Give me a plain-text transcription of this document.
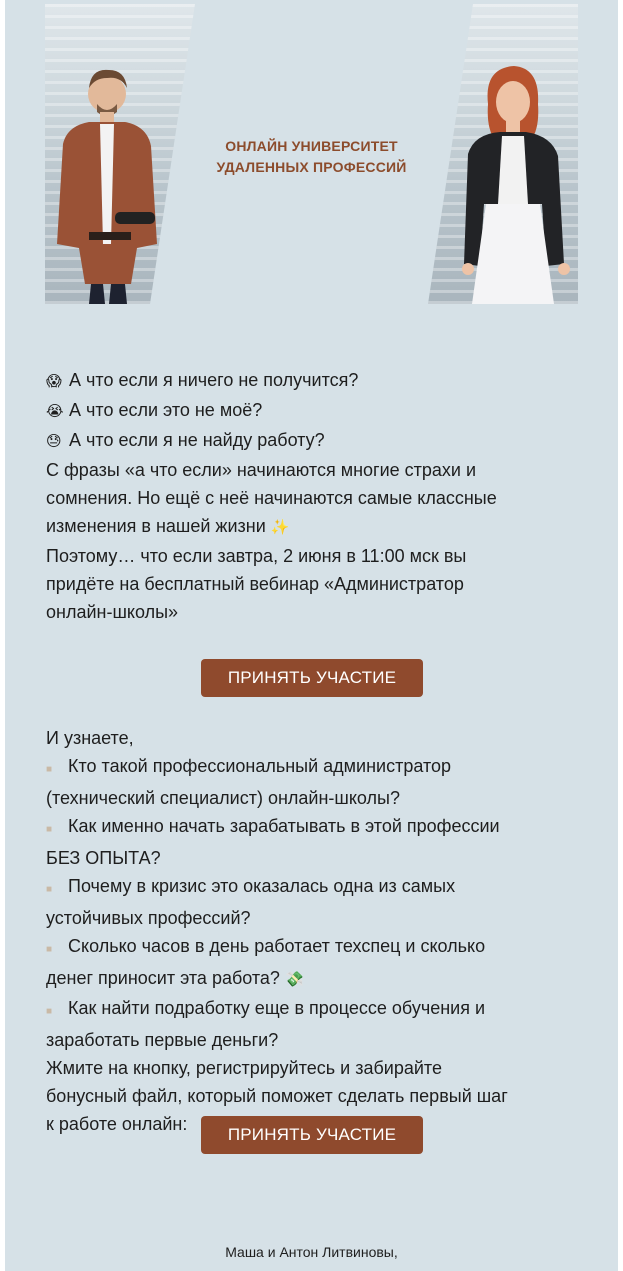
ОНЛАЙН УНИВЕРСИТЕТ
УДАЛЕННЫХ ПРОФЕССИЙ
😱 А что если я ничего не получится?
😭 А что если это не моё?
😓 А что если я не найду работу?
С фразы «а что если» начинаются многие страхи и
сомнения. Но ещё с неё начинаются самые классные
изменения в нашей жизни ✨
Поэтому… что если завтра, 2 июня в 11:00 мск вы
придёте на бесплатный вебинар «Администратор
онлайн-школы»
ПРИНЯТЬ УЧАСТИЕ
И узнаете,
■ Кто такой профессиональный администратор
(технический специалист) онлайн-школы?
■ Как именно начать зарабатывать в этой профессии
БЕЗ ОПЫТА?
■ Почему в кризис это оказалась одна из самых
устойчивых профессий?
■ Сколько часов в день работает техспец и сколько
денег приносит эта работа? 💸
■ Как найти подработку еще в процессе обучения и
заработать первые деньги?
Жмите на кнопку, регистрируйтесь и забирайте
бонусный файл, который поможет сделать первый шаг
к работе онлайн:
ПРИНЯТЬ УЧАСТИЕ
Маша и Антон Литвиновы,
